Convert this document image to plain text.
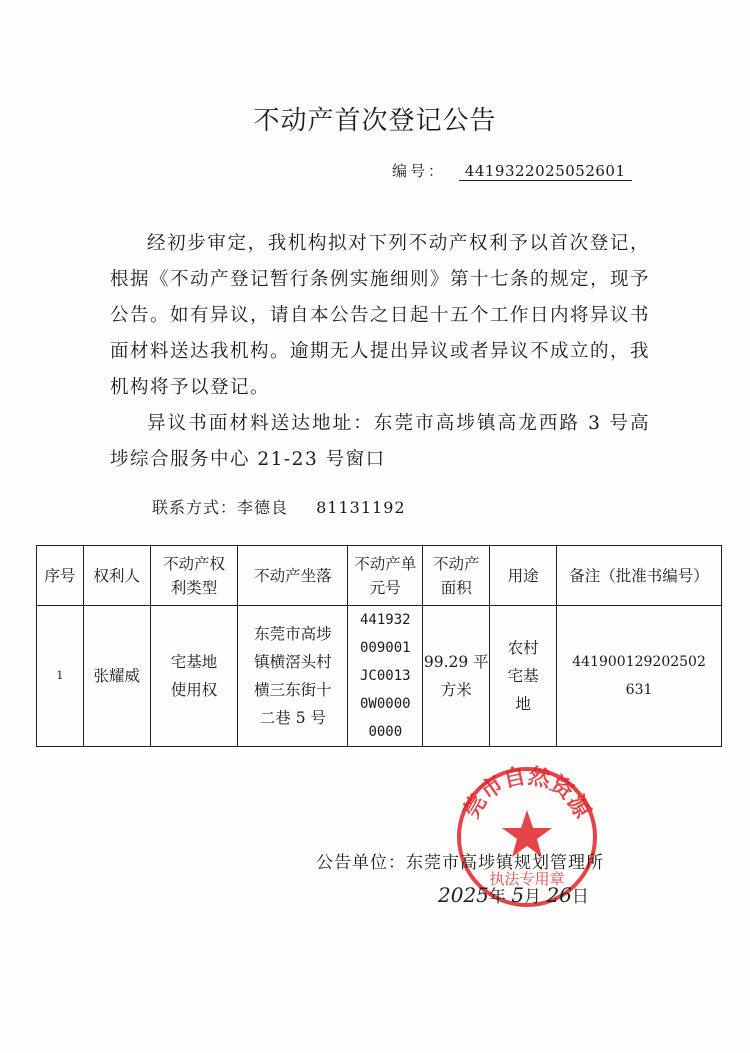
不动产首次登记公告
编号： 4419322025052601

经初步审定，我机构拟对下列不动产权利予以首次登记，根据《不动产登记暂行条例实施细则》第十七条的规定，现予公告。如有异议，请自本公告之日起十五个工作日内将异议书面材料送达我机构。逾期无人提出异议或者异议不成立的，我机构将予以登记。

异议书面材料送达地址：东莞市高埗镇高龙西路 3 号高埗综合服务中心 21-23 号窗口

联系方式：李德良 81131192
序号	权利人	不动产权利类型	不动产坐落	不动产单元号	不动产面积	用途	备注（批准书编号）
1	张耀威	宅基地使用权	东莞市高埗镇横滘头村横三东街十二巷 5 号	441932009001JC00130W00000000	99.29 平方米	农村宅基地	441900129202502631
莞市自然资源
执法专用章
公告单位：东莞市高埗镇规划管理所
2025年 5月 26日
